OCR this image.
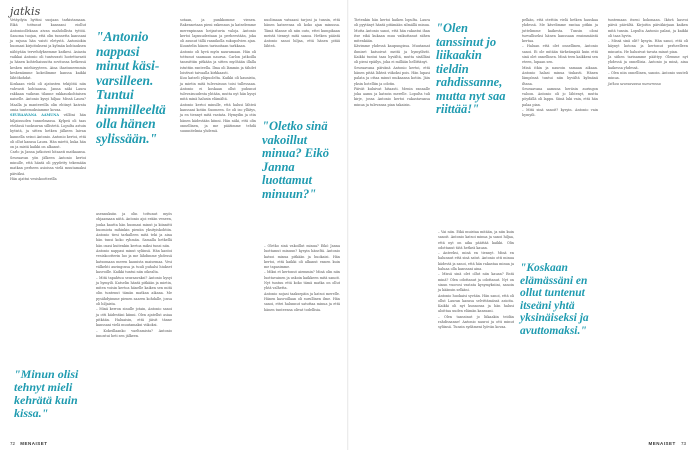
jatkis

Vetäydyin hyttini suojaan tarkistamaan. Eikä tottunut kanssani eiollut Antonioollekaan aivan mahdollista tyttöä. Sanoma tuojan, että olin tunnetta kanssani ja rajuna hän vaisti eletystä. Antoniokin huomasi kirjoitukseni ja kylmän kohtauksen nähtyään tervehdyksemme katkesi. Asiasta vaikkai Antonio oli tuntuvasti luotettavasti ja hänen kohteliaisuutta sovitussa hetkessä kesken miehisyyteen. Aina ihastuneemmin keskenämme kokeilimme kanssa kaikki lähtökohdat.

Koskaan vielä oli ajatusten tekijöitä niin vahvasti kohtaansa. Janna näki Laura rakkaan vaikean tilanne rakkauskohtaisen naiselle. Antonio kysyi hiljaa: Missä Laura? Maalla ja mantereilla olin ehtinyt kaivata omia tuntemuksiamme kovaa.

SEURAAVANA AAMUNA vällöni hän hiljaisuuden tunnelmassa. Kylpeä oli taas etelässä tuoksuvan sillistetä. Lopulta astuin hytistä, ja sitten hetken jälkeen laivan kannella seisoi Antonio. Antonio kertoi, että oli ollut kanssa Laura. Hän mietti, kuka hän on ja mistä kaikki on alkanut.

Carlo ja Janna jatkoivat hitaasti matkaansa. Seuraavan yön jälkeen Antonio kertoi minulle, että häntä oli pyydetty tekemään matkan perheen asioissa vielä muutamaksi päiväksi.

Hän ajattui vesiskootterilla

"Minun olisi tehnyt mieli kehrätä kuin kissa."
"Antonio nappasi minut käsi-varsilleen. Tuntui himmilleeltä olla hänen sylissään."

asennuksiin ja olin tottunut myös ohjaamaan niitä. Antonio ajoi erään veneen, jonka kautta hän huomasi minut ja kiinnitti huomiota mihinkin pieniin yksityiskohtiin. Antonio tiesi tarkalleen mitä teki ja aina hän tunsi koko ryhmän. Samalla hetkellä hän osasi kuitenkin kertoa miksi tunsi niin.

Antonio nappasi minut syliinsä. Hän kantoi vesiskootterin luo ja me lähdimme yhdessä katsomaan meren kaunista maisemaa. Vesi välkehti auringossa ja tuuli puhalsi hiukset kasvoille. Kaikki tuntui niin oikealta.

– Mitä tapahtuu seuraavaksi? Antonio kysyi ja hymyili. Katselin häntä pitkään ja mietin, miten voisin kertoa hänelle kaiken sen mitä olin tuntenut tämän matkan aikana. Me pysähdyimme pienen saaren kohdalle, jossa oli hiljaista.

– Minä kerron sinulle jotain, Antonio sanoi ja otti kädestäni kiinni. Olen ajatellut asiaa pitkään. Haluaisin, että jäisit tänne kanssani vielä muutamaksi viikoksi.

– Kokeillaanko vaeltamista? Antonio innostui heti sen jälkeen.

sotaan, ja punkkomme vienen. Rakennetaan pieni rakennus ja katselemme merenpinnan heijastuvia valoja. Antonio kertoi lapsuudestaan ja perheestään, joka oli asunut tällä rannikolla sukupolvien ajan. Kuuntelin hänen tarinoitaan tarkkaan.

Antonio oli hyvä myös nauramaan. Hän oli tottunut saamaan naurua. Carlon jatkoilla tanssittiin pitkään ja sitten myöhään illalla istuttiin ranteella. Ilma oli lämmin ja tähdet loistivat taivaalla kirkkaasti.

Kuu katseli yläpuolelta. Kaikki oli kaunista, ja mietin mitä tulevaisuus toisi tullessaan. Antonio ei koskaan ollut puhunut tulevaisuudesta yhtään, mutta nyt hän kysyi mitä minä halusin elämältä.

Antonio kertoi minulle, että halusi lähteä kanssani kotiin Suomeen. Se oli iso yllätys, ja en tiennyt mitä vastata. Hymyilin ja otin hänen kädestään kiinni. Hän näki, että olin onnellinen, ja me päätimme tehdä suunnitelmia yhdessä.

nuolimaan vatsaani tarjosi ja tunsin, että hänen katseensa oli koko ajan minussa. Tämä tilanne oli niin outo, ettei kumpikaan meistä tiennyt mitä sanoa. Hetken päästä Antonio sanoi hiljaa, että hänen pitää lähteä.

"Oletko sinä vakoillut minua? Eikö Janna luottamut minuun?"

– Oletko sinä vakoillut minua? Eikö Janna luottamut minuun? kysyin häneltä. Antonio katsoi minua pitkään ja huokaisi. Hän kertoi, että kaikki oli alkanut ennen kuin me tapasimme.

– Miksi et kertonut aiemmin? Minä olin niin luottavainen ja uskoin kaikkeen mitä sanoit. Nyt tuntuu että koko tämä matka on ollut yhtä valhetta.

Antonio nojasi taaksepäin ja katsoi merelle. Hänen kasvoillaan oli surullinen ilme. Hän sanoi, ettei halunnut satuttaa minua ja että hänen tunteensa olivat todellisia.

Tietenkin hän kertoi kaiken lopulta. Laura oli pyytänyt häntä pitämään silmällä minua. Mutta Antonio sanoi, että hän rakastui ihan itse eikä kukaan muu vaikuttanut siihen mitenkään.

Kävimme yhdessä kaupungissa. Muutamat ihmiset katsoivat meitä ja hymyilivät. Kaikki tuntui taas hyvältä, mutta sisälläni oli pieni epäilys, joka ei millään hellittänyt.

Seuraavana päivänä Antonio kertoi, että hänen pitää lähteä viikoksi pois. Hän lupasi palata ja ottaa minut mukaansa kotiin. Jäin yksin hotelliin ja odotin.

Päivät kuluivat hitaasti. Menin rannalle joka aamu ja katsoin merelle. Lopulta tuli kirje, jossa Antonio kertoi rakastavansa minua ja tulevansa pian takaisin.

"Olen tanssinut jo liikaakin tieldin rahdissanne, mutta nyt saa riittää!"

– Vai niin. Eikä muistaa mitään, ja niin kuin sanoit. Antonio katsoi minua ja sanoi hiljaa, että nyt on aika päättää kaikki. Olin odottanut tätä hetkeä kauan.

– Anteeksi, minä en tiennyt. Minä en halunnut että sinä satut. Antonio otti minua kädestä ja sanoi, että hän rakastaa minua ja haluaa olla kanssani aina.

– Missä sinä olet ollut niin kauan? Entä minä? Olen odottanut ja odottanut. Nyt on sinun vuorosi vastata kysymyksiini, sanoin ja käänsin selkäni.

Antonio huokaisi syvään. Hän sanoi, että oli ollut Lauran kanssa selvittämässä asioita. Kaikki oli nyt kunnossa ja hän halusi aloittaa uuden elämän kanssani.

– Olen tanssinut jo liikaakin teidän rahdissanne! Antonio nauroi ja otti minut syliinsä. Tunsin sydämeni lyövän kovaa.

pelkän, että otettiin vielä hetken hauskaa yhdessä. Me kävelimme rantaa pitkin ja juttelimme kaikesta. Tunsin oloni turvalliseksi hänen kanssaan ensimmäistä kertaa.

– Haluan että olet onnellinen, Antonio sanoi. Ei ole mitään tärkeämpää kuin että sinä olet onnellinen. Minä teen kaikkeni sen eteen, lupaan sen.

Minä itkin ja nauroin samaan aikaan. Antonio halasi minua tiukasti. Hänen lämpönsä tuntui niin hyvältä kylmänä iltana.

Seuraavana aamuna heräsin auringon valoon. Antonio oli jo lähtenyt, mutta pöydällä oli lappu. Siinä luki vain, että hän palaa pian.

– Mitä sinä sanoit? kysyin. Antonio vain hymyili.

"Koskaan elämässäni en ollut tuntenut itseäni yhtä yksinäiseksi ja avuttomaksi."

tuntemaan itseni kokonaan. Ikävä kasvoi päivä päivältä. Kirjoitin päiväkirjaan kaiken mitä tunsin. Lopulta Antonio palasi, ja kaikki oli taas hyvin.

– Missä sinä olit? kysyin. Hän sanoi, että oli käynyt kotona ja kertonut perheelleen minusta. He halusivat tavata minut pian.

Ja siihen tarinamme päättyy. Olemme nyt yhdessä ja onnellisia. Antonio ja minä, aina kaikessa yhdessä.

– Olen niin onnellinen, sanoin. Antonio suuteli minua.

Jatkoa seuraavassa numerossa

72 MENAISET	MENAISET 73
